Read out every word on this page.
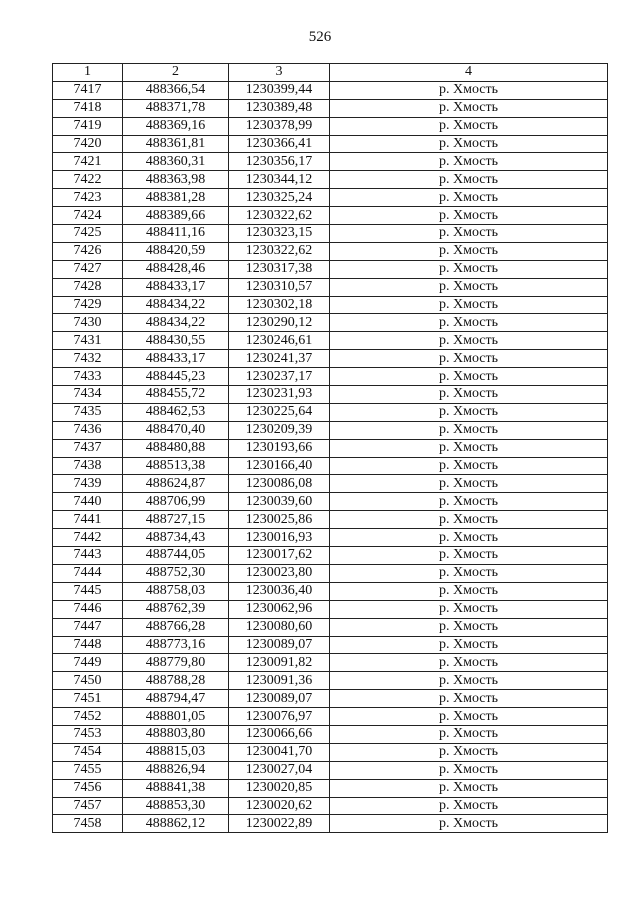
526
1	2	3	4
7417	488366,54	1230399,44	р. Хмость
7418	488371,78	1230389,48	р. Хмость
7419	488369,16	1230378,99	р. Хмость
7420	488361,81	1230366,41	р. Хмость
7421	488360,31	1230356,17	р. Хмость
7422	488363,98	1230344,12	р. Хмость
7423	488381,28	1230325,24	р. Хмость
7424	488389,66	1230322,62	р. Хмость
7425	488411,16	1230323,15	р. Хмость
7426	488420,59	1230322,62	р. Хмость
7427	488428,46	1230317,38	р. Хмость
7428	488433,17	1230310,57	р. Хмость
7429	488434,22	1230302,18	р. Хмость
7430	488434,22	1230290,12	р. Хмость
7431	488430,55	1230246,61	р. Хмость
7432	488433,17	1230241,37	р. Хмость
7433	488445,23	1230237,17	р. Хмость
7434	488455,72	1230231,93	р. Хмость
7435	488462,53	1230225,64	р. Хмость
7436	488470,40	1230209,39	р. Хмость
7437	488480,88	1230193,66	р. Хмость
7438	488513,38	1230166,40	р. Хмость
7439	488624,87	1230086,08	р. Хмость
7440	488706,99	1230039,60	р. Хмость
7441	488727,15	1230025,86	р. Хмость
7442	488734,43	1230016,93	р. Хмость
7443	488744,05	1230017,62	р. Хмость
7444	488752,30	1230023,80	р. Хмость
7445	488758,03	1230036,40	р. Хмость
7446	488762,39	1230062,96	р. Хмость
7447	488766,28	1230080,60	р. Хмость
7448	488773,16	1230089,07	р. Хмость
7449	488779,80	1230091,82	р. Хмость
7450	488788,28	1230091,36	р. Хмость
7451	488794,47	1230089,07	р. Хмость
7452	488801,05	1230076,97	р. Хмость
7453	488803,80	1230066,66	р. Хмость
7454	488815,03	1230041,70	р. Хмость
7455	488826,94	1230027,04	р. Хмость
7456	488841,38	1230020,85	р. Хмость
7457	488853,30	1230020,62	р. Хмость
7458	488862,12	1230022,89	р. Хмость
